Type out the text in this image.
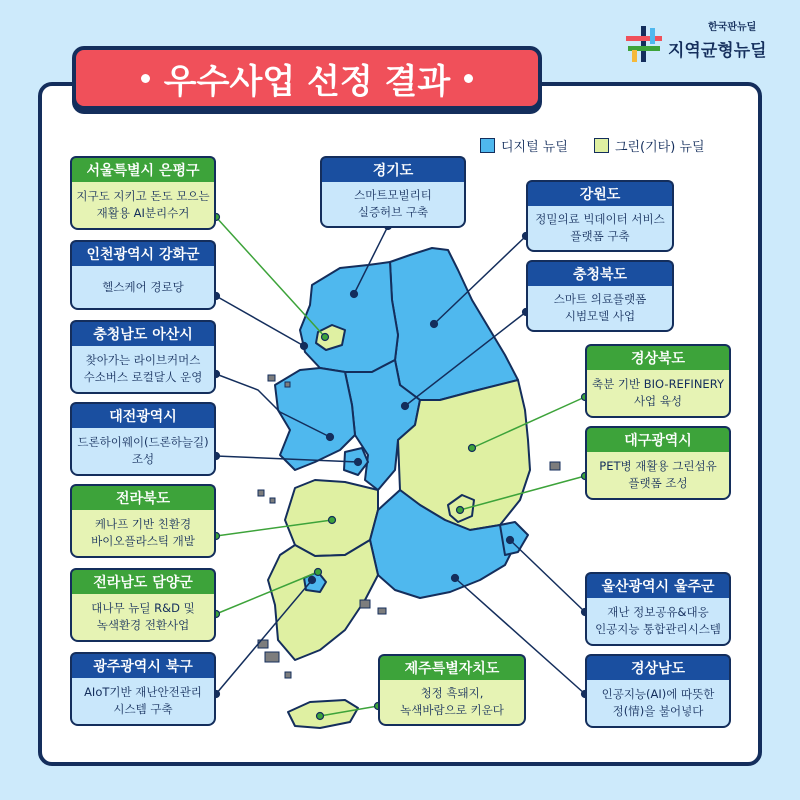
우수사업 선정 결과
한국판뉴딜
지역균형뉴딜
디지털 뉴딜	그린(기타) 뉴딜
서울특별시 은평구
지구도 지키고 돈도 모으는
재활용 AI분리수거
인천광역시 강화군
헬스케어 경로당
충청남도 아산시
찾아가는 라이브커머스
수소버스 로컬달人 운영
대전광역시
드론하이웨이(드론하늘길)
조성
전라북도
케나프 기반 친환경
바이오플라스틱 개발
전라남도 담양군
대나무 뉴딜 R&D 및
녹색환경 전환사업
광주광역시 북구
AIoT기반 재난안전관리
시스템 구축
경기도
스마트모빌리티
실증허브 구축
제주특별자치도
청정 흑돼지,
녹색바람으로 키운다
강원도
정밀의료 빅데이터 서비스
플랫폼 구축
충청북도
스마트 의료플랫폼
시범모델 사업
경상북도
축분 기반 BIO-REFINERY
사업 육성
대구광역시
PET병 재활용 그린섬유
플랫폼 조성
울산광역시 울주군
재난 정보공유&대응
인공지능 통합관리시스템
경상남도
인공지능(AI)에 따뜻한
정(情)을 불어넣다
